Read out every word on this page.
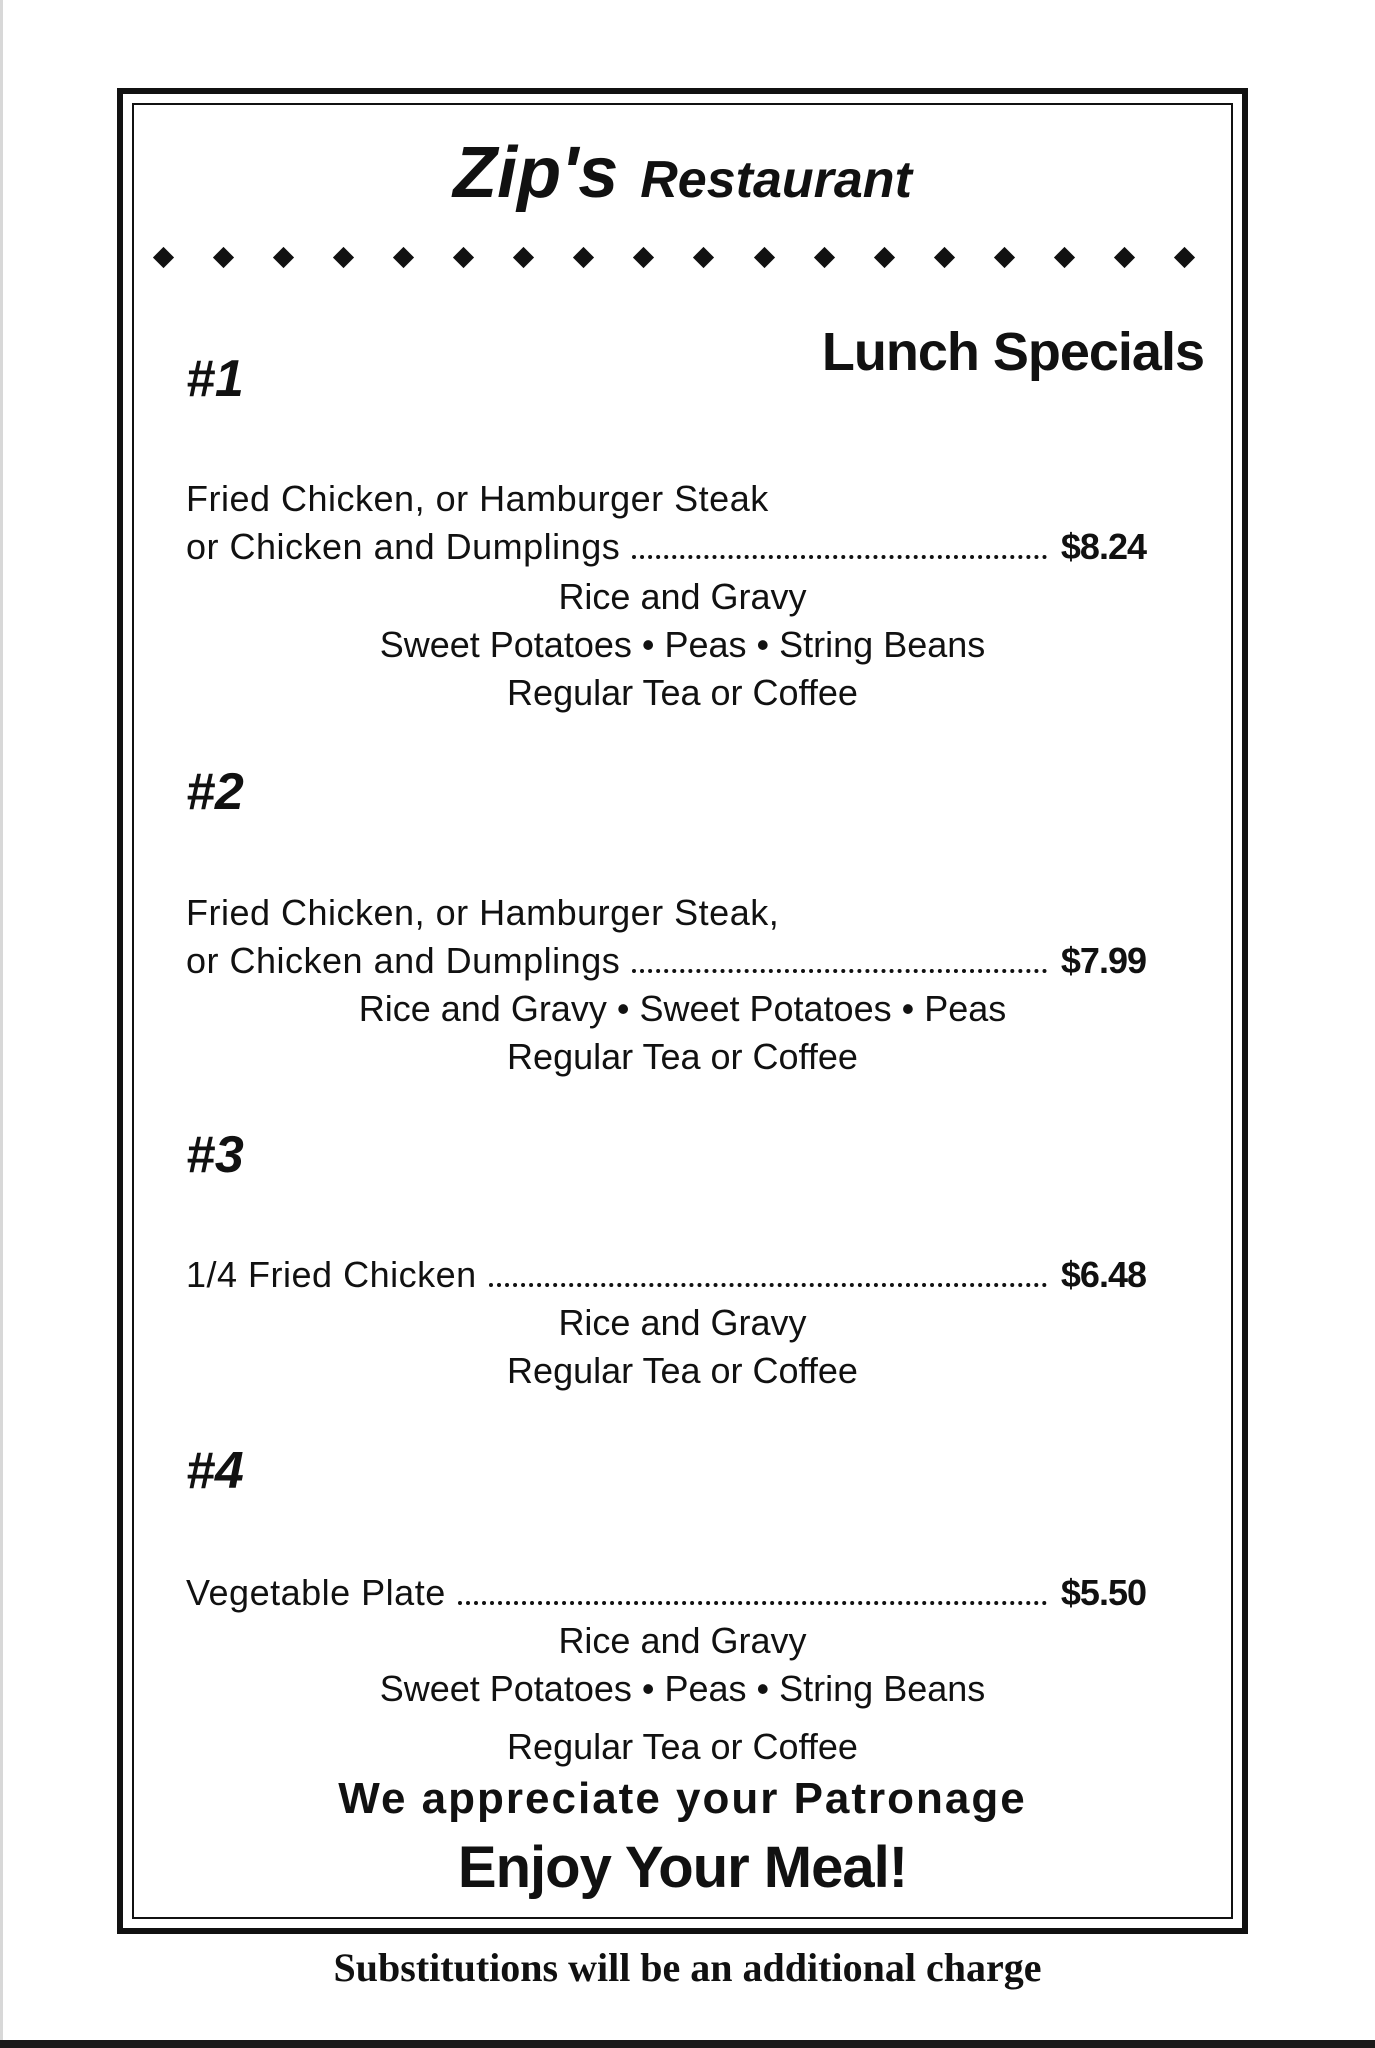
Zip's Restaurant
Lunch Specials
#1
Fried Chicken, or Hamburger Steak
or Chicken and Dumplings	$8.24
Rice and Gravy
Sweet Potatoes • Peas • String Beans
Regular Tea or Coffee
#2
Fried Chicken, or Hamburger Steak,
or Chicken and Dumplings	$7.99
Rice and Gravy • Sweet Potatoes • Peas
Regular Tea or Coffee
#3
1/4 Fried Chicken	$6.48
Rice and Gravy
Regular Tea or Coffee
#4
Vegetable Plate	$5.50
Rice and Gravy
Sweet Potatoes • Peas • String Beans
Regular Tea or Coffee
We appreciate your Patronage
Enjoy Your Meal!
Substitutions will be an additional charge
